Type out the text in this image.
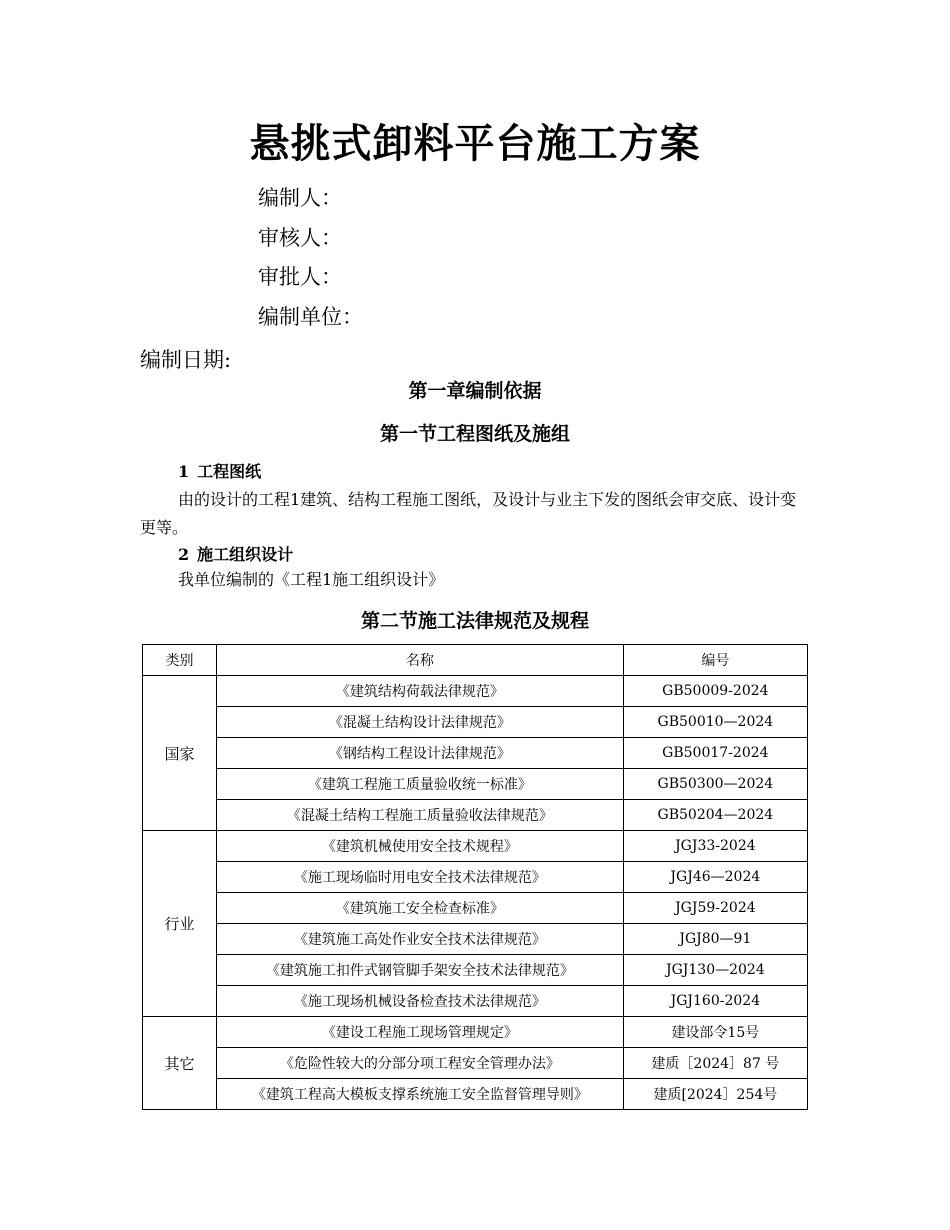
悬挑式卸料平台施工方案
编制人：
审核人：
审批人：
编制单位：
编制日期:
第一章编制依据
第一节工程图纸及施组
1 工程图纸
由的设计的工程1建筑、结构工程施工图纸，及设计与业主下发的图纸会审交底、设计变更等。
2 施工组织设计
我单位编制的《工程1施工组织设计》
第二节施工法律规范及规程
类别	名称	编号
国家	《建筑结构荷载法律规范》	GB50009-2024
	《混凝土结构设计法律规范》	GB50010—2024
	《钢结构工程设计法律规范》	GB50017-2024
	《建筑工程施工质量验收统一标准》	GB50300—2024
	《混凝土结构工程施工质量验收法律规范》	GB50204—2024
行业	《建筑机械使用安全技术规程》	JGJ33-2024
	《施工现场临时用电安全技术法律规范》	JGJ46—2024
	《建筑施工安全检查标准》	JGJ59-2024
	《建筑施工高处作业安全技术法律规范》	JGJ80—91
	《建筑施工扣件式钢管脚手架安全技术法律规范》	JGJ130—2024
	《施工现场机械设备检查技术法律规范》	JGJ160-2024
其它	《建设工程施工现场管理规定》	建设部令15号
	《危险性较大的分部分项工程安全管理办法》	建质［2024］87 号
	《建筑工程高大模板支撑系统施工安全监督管理导则》	建质[2024］254号
